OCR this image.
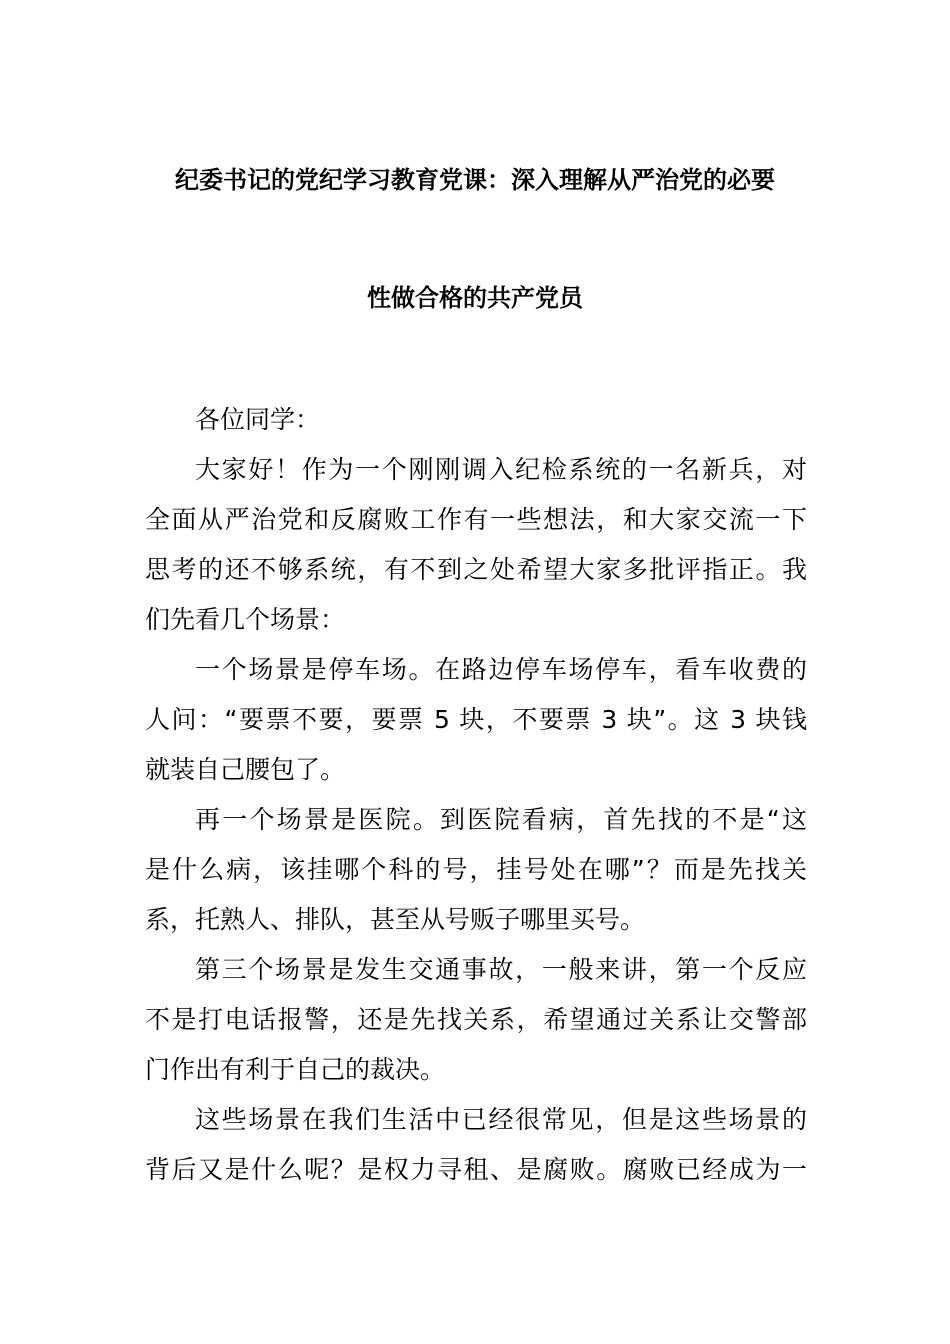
纪委书记的党纪学习教育党课：深入理解从严治党的必要
性做合格的共产党员
各位同学：
大家好！作为一个刚刚调入纪检系统的一名新兵，对
全面从严治党和反腐败工作有一些想法，和大家交流一下
思考的还不够系统，有不到之处希望大家多批评指正。我
们先看几个场景：
一个场景是停车场。在路边停车场停车，看车收费的
人问：“要票不要，要票 5 块，不要票 3 块”。这 3 块钱
就装自己腰包了。
再一个场景是医院。到医院看病，首先找的不是“这
是什么病，该挂哪个科的号，挂号处在哪”？而是先找关
系，托熟人、排队，甚至从号贩子哪里买号。
第三个场景是发生交通事故，一般来讲，第一个反应
不是打电话报警，还是先找关系，希望通过关系让交警部
门作出有利于自己的裁决。
这些场景在我们生活中已经很常见，但是这些场景的
背后又是什么呢？是权力寻租、是腐败。腐败已经成为一
